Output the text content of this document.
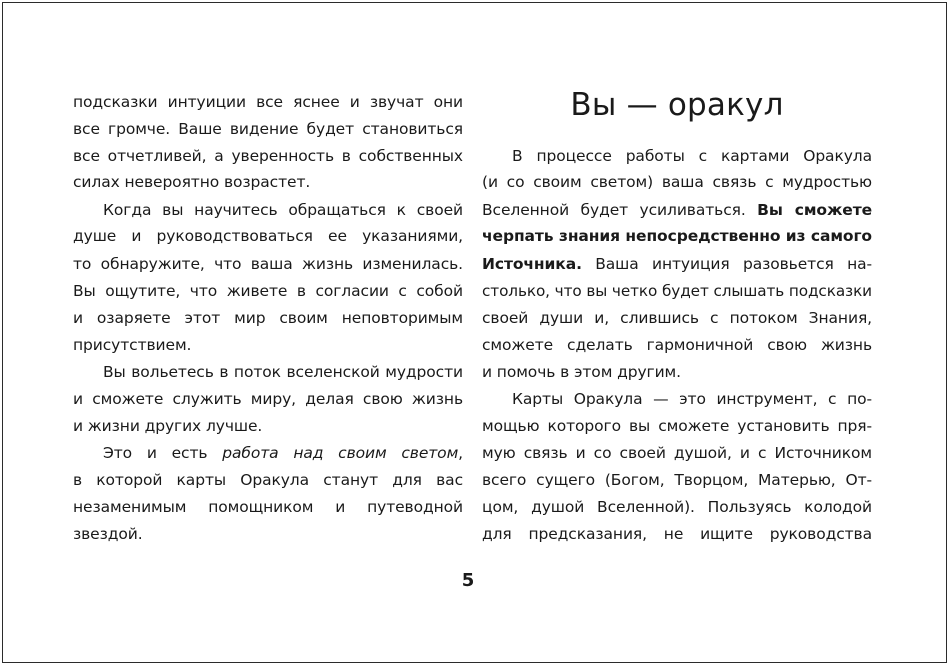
подсказки интуиции все яснее и звучат они
все громче. Ваше видение будет становиться
все отчетливей, а уверенность в собственных
силах невероятно возрастет.
Когда вы научитесь обращаться к своей
душе и руководствоваться ее указаниями,
то обнаружите, что ваша жизнь изменилась.
Вы ощутите, что живете в согласии с собой
и озаряете этот мир своим неповторимым
присутствием.
Вы вольетесь в поток вселенской мудрости
и сможете служить миру, делая свою жизнь
и жизни других лучше.
Это и есть работа над своим светом,
в которой карты Оракула станут для вас
незаменимым помощником и путеводной
звездой.
Вы — оракул
В процессе работы с картами Оракула
(и со своим светом) ваша связь с мудростью
Вселенной будет усиливаться. Вы сможете
черпать знания непосредственно из самого
Источника. Ваша интуиция разовьется на-
столько, что вы четко будет слышать подсказки
своей души и, слившись с потоком Знания,
сможете сделать гармоничной свою жизнь
и помочь в этом другим.
Карты Оракула — это инструмент, с по-
мощью которого вы сможете установить пря-
мую связь и со своей душой, и с Источником
всего сущего (Богом, Творцом, Матерью, От-
цом, душой Вселенной). Пользуясь колодой
для предсказания, не ищите руководства
5
